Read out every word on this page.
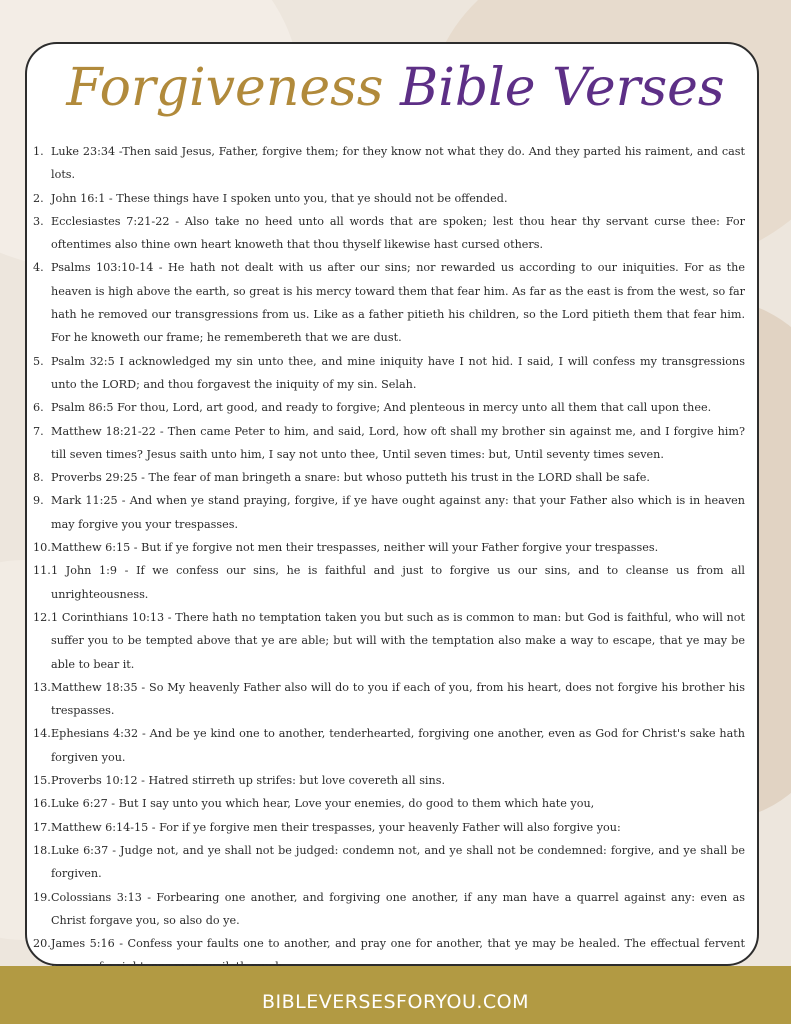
Forgiveness Bible Verses
1. Luke 23:34 -Then said Jesus, Father, forgive them; for they know not what they do. And they parted his raiment, and cast lots.
2. John 16:1 - These things have I spoken unto you, that ye should not be offended.
3. Ecclesiastes 7:21-22 - Also take no heed unto all words that are spoken; lest thou hear thy servant curse thee: For oftentimes also thine own heart knoweth that thou thyself likewise hast cursed others.
4. Psalms 103:10-14 - He hath not dealt with us after our sins; nor rewarded us according to our iniquities. For as the heaven is high above the earth, so great is his mercy toward them that fear him. As far as the east is from the west, so far hath he removed our transgressions from us. Like as a father pitieth his children, so the Lord pitieth them that fear him. For he knoweth our frame; he remembereth that we are dust.
5. Psalm 32:5 I acknowledged my sin unto thee, and mine iniquity have I not hid. I said, I will confess my transgressions unto the LORD; and thou forgavest the iniquity of my sin. Selah.
6. Psalm 86:5 For thou, Lord, art good, and ready to forgive; And plenteous in mercy unto all them that call upon thee.
7. Matthew 18:21-22 - Then came Peter to him, and said, Lord, how oft shall my brother sin against me, and I forgive him? till seven times? Jesus saith unto him, I say not unto thee, Until seven times: but, Until seventy times seven.
8. Proverbs 29:25 - The fear of man bringeth a snare: but whoso putteth his trust in the LORD shall be safe.
9. Mark 11:25 - And when ye stand praying, forgive, if ye have ought against any: that your Father also which is in heaven may forgive you your trespasses.
10. Matthew 6:15 - But if ye forgive not men their trespasses, neither will your Father forgive your trespasses.
11. 1 John 1:9 - If we confess our sins, he is faithful and just to forgive us our sins, and to cleanse us from all unrighteousness.
12. 1 Corinthians 10:13 - There hath no temptation taken you but such as is common to man: but God is faithful, who will not suffer you to be tempted above that ye are able; but will with the temptation also make a way to escape, that ye may be able to bear it.
13. Matthew 18:35 - So My heavenly Father also will do to you if each of you, from his heart, does not forgive his brother his trespasses.
14. Ephesians 4:32 - And be ye kind one to another, tenderhearted, forgiving one another, even as God for Christ's sake hath forgiven you.
15. Proverbs 10:12 - Hatred stirreth up strifes: but love covereth all sins.
16. Luke 6:27 - But I say unto you which hear, Love your enemies, do good to them which hate you,
17. Matthew 6:14-15 - For if ye forgive men their trespasses, your heavenly Father will also forgive you:
18. Luke 6:37 - Judge not, and ye shall not be judged: condemn not, and ye shall not be condemned: forgive, and ye shall be forgiven.
19. Colossians 3:13 - Forbearing one another, and forgiving one another, if any man have a quarrel against any: even as Christ forgave you, so also do ye.
20. James 5:16 - Confess your faults one to another, and pray one for another, that ye may be healed. The effectual fervent
BIBLEVERSESFORYOU.COM
